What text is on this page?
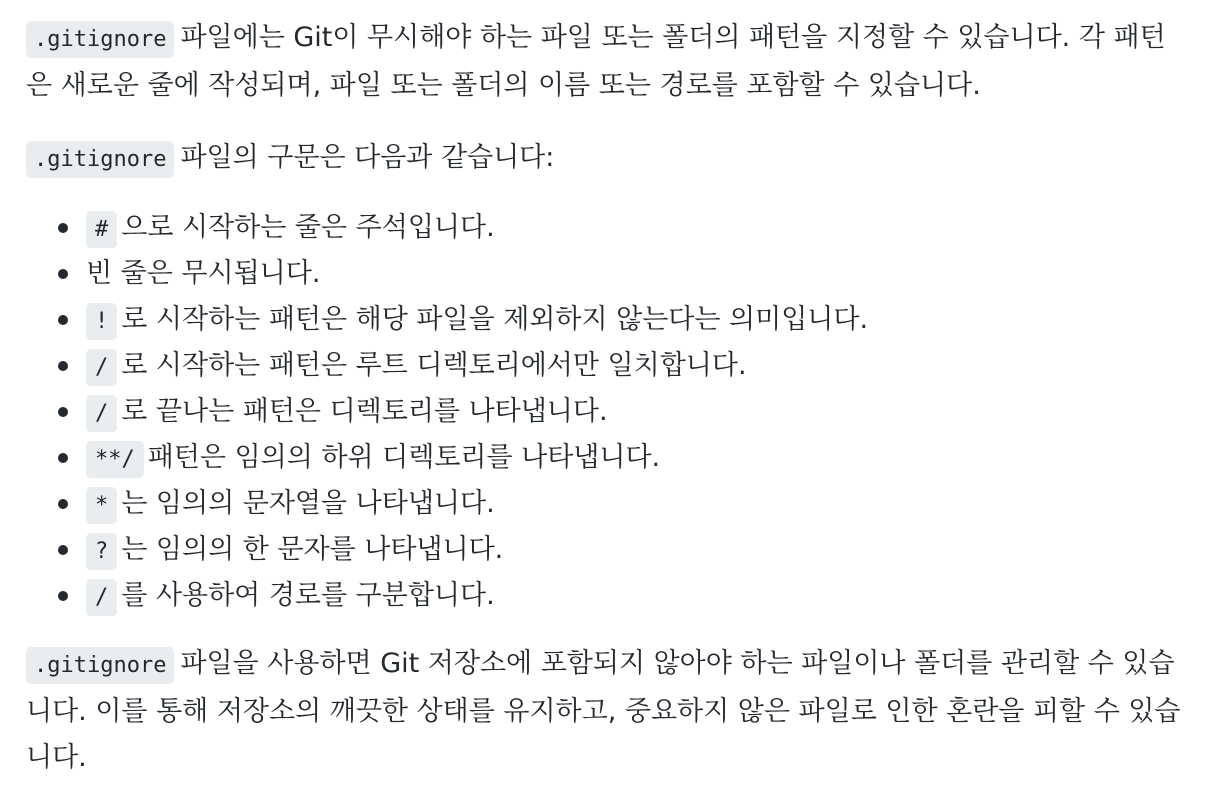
.gitignore 파일에는 Git이 무시해야 하는 파일 또는 폴더의 패턴을 지정할 수 있습니다. 각 패턴은 새로운 줄에 작성되며, 파일 또는 폴더의 이름 또는 경로를 포함할 수 있습니다.

.gitignore 파일의 구문은 다음과 같습니다:

# 으로 시작하는 줄은 주석입니다.
빈 줄은 무시됩니다.
! 로 시작하는 패턴은 해당 파일을 제외하지 않는다는 의미입니다.
/ 로 시작하는 패턴은 루트 디렉토리에서만 일치합니다.
/ 로 끝나는 패턴은 디렉토리를 나타냅니다.
**/ 패턴은 임의의 하위 디렉토리를 나타냅니다.
* 는 임의의 문자열을 나타냅니다.
? 는 임의의 한 문자를 나타냅니다.
/ 를 사용하여 경로를 구분합니다.

.gitignore 파일을 사용하면 Git 저장소에 포함되지 않아야 하는 파일이나 폴더를 관리할 수 있습니다. 이를 통해 저장소의 깨끗한 상태를 유지하고, 중요하지 않은 파일로 인한 혼란을 피할 수 있습니다.
